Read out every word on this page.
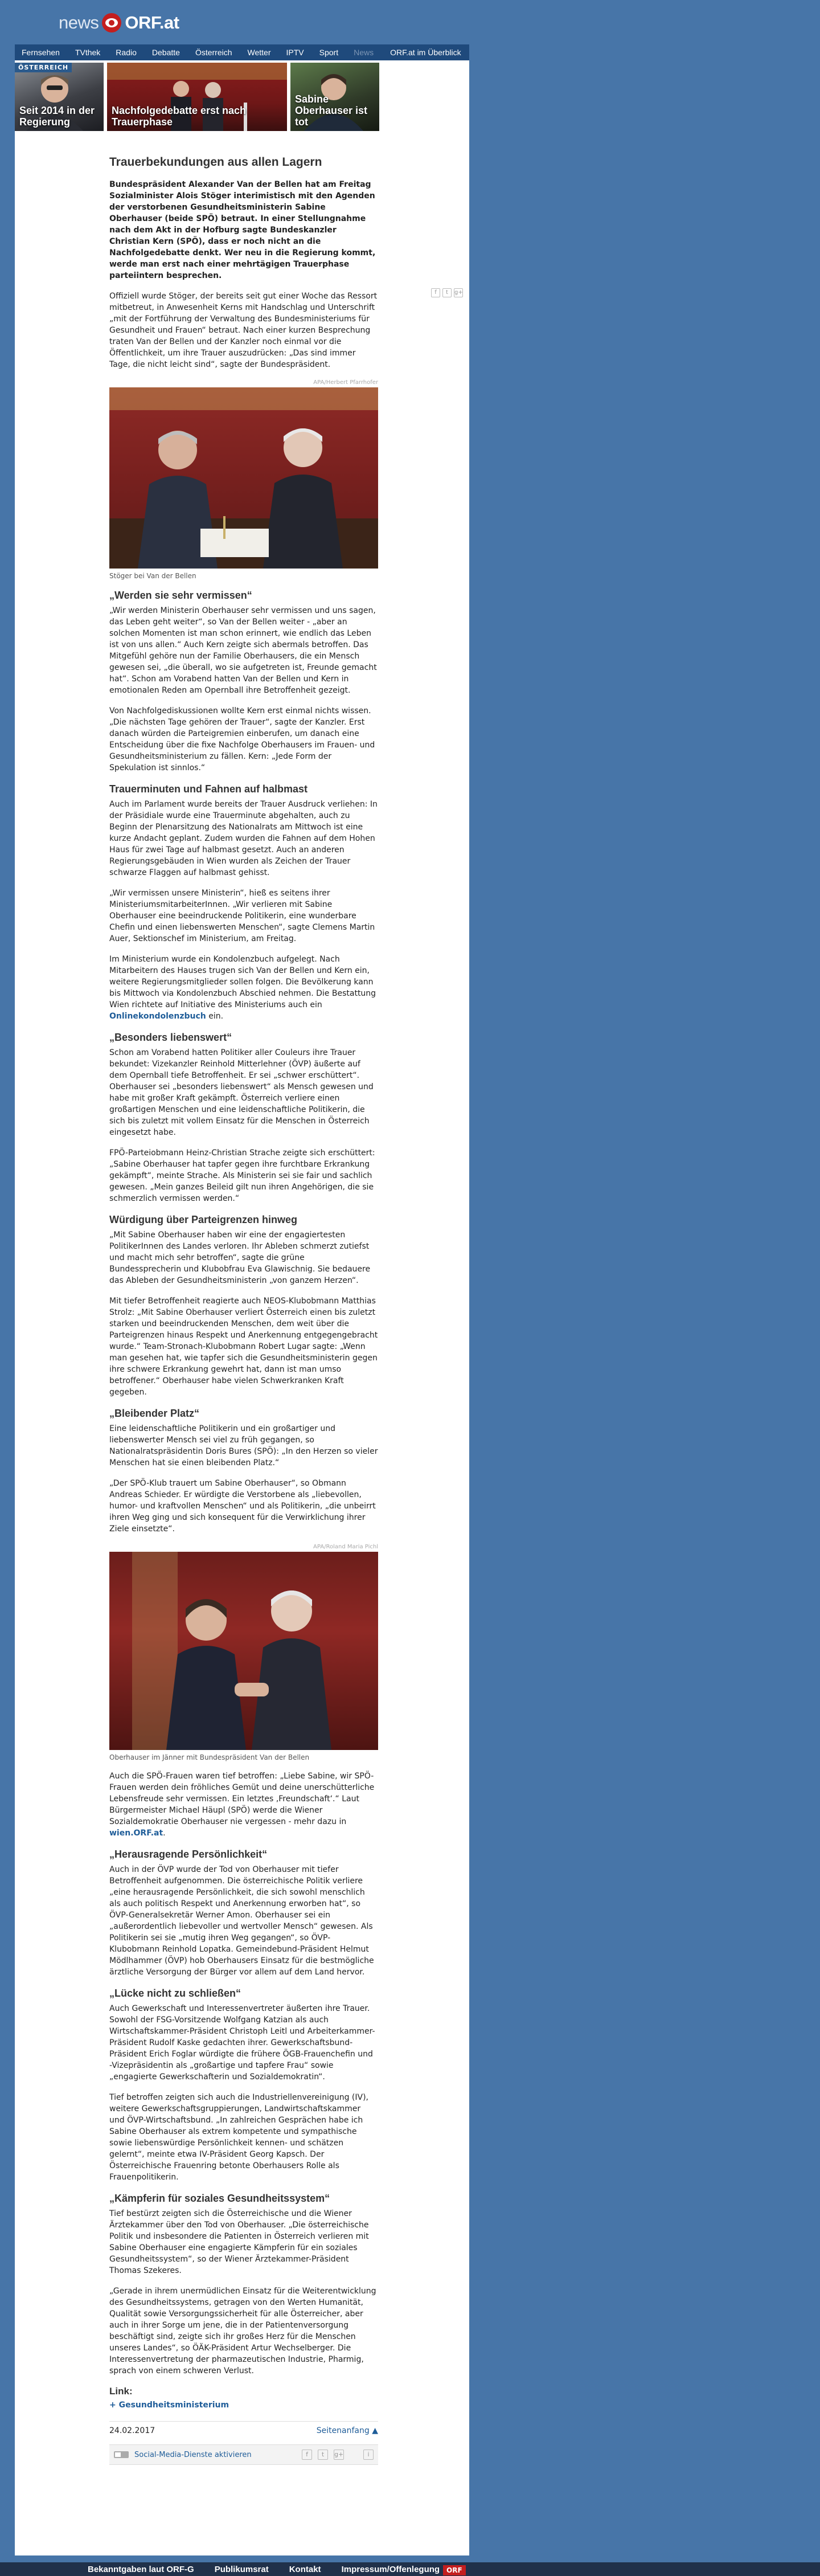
news ORF.at
Fernsehen TVthek Radio Debatte Österreich Wetter IPTV Sport News ORF.at im Überblick
ÖSTERREICH
Seit 2014 in der Regierung
Nachfolgedebatte erst nach Trauerphase
Sabine Oberhauser ist tot
f	t	g+
Trauerbekundungen aus allen Lagern

Bundespräsident Alexander Van der Bellen hat am Freitag Sozialminister Alois Stöger interimistisch mit den Agenden der verstorbenen Gesundheitsministerin Sabine Oberhauser (beide SPÖ) betraut. In einer Stellungnahme nach dem Akt in der Hofburg sagte Bundeskanzler Christian Kern (SPÖ), dass er noch nicht an die Nachfolgedebatte denkt. Wer neu in die Regierung kommt, werde man erst nach einer mehrtägigen Trauerphase parteiintern besprechen.

Offiziell wurde Stöger, der bereits seit gut einer Woche das Ressort mitbetreut, in Anwesenheit Kerns mit Handschlag und Unterschrift „mit der Fortführung der Verwaltung des Bundesministeriums für Gesundheit und Frauen“ betraut. Nach einer kurzen Besprechung traten Van der Bellen und der Kanzler noch einmal vor die Öffentlichkeit, um ihre Trauer auszudrücken: „Das sind immer Tage, die nicht leicht sind“, sagte der Bundespräsident.

APA/Herbert Pfarrhofer
Stöger bei Van der Bellen
„Werden sie sehr vermissen“

„Wir werden Ministerin Oberhauser sehr vermissen und uns sagen, das Leben geht weiter“, so Van der Bellen weiter - „aber an solchen Momenten ist man schon erinnert, wie endlich das Leben ist von uns allen.“ Auch Kern zeigte sich abermals betroffen. Das Mitgefühl gehöre nun der Familie Oberhausers, die ein Mensch gewesen sei, „die überall, wo sie aufgetreten ist, Freunde gemacht hat“. Schon am Vorabend hatten Van der Bellen und Kern in emotionalen Reden am Opernball ihre Betroffenheit gezeigt.

Von Nachfolgediskussionen wollte Kern erst einmal nichts wissen. „Die nächsten Tage gehören der Trauer“, sagte der Kanzler. Erst danach würden die Parteigremien einberufen, um danach eine Entscheidung über die fixe Nachfolge Oberhausers im Frauen- und Gesundheitsministerium zu fällen. Kern: „Jede Form der Spekulation ist sinnlos.“

Trauerminuten und Fahnen auf halbmast

Auch im Parlament wurde bereits der Trauer Ausdruck verliehen: In der Präsidiale wurde eine Trauerminute abgehalten, auch zu Beginn der Plenarsitzung des Nationalrats am Mittwoch ist eine kurze Andacht geplant. Zudem wurden die Fahnen auf dem Hohen Haus für zwei Tage auf halbmast gesetzt. Auch an anderen Regierungsgebäuden in Wien wurden als Zeichen der Trauer schwarze Flaggen auf halbmast gehisst.

„Wir vermissen unsere Ministerin“, hieß es seitens ihrer MinisteriumsmitarbeiterInnen. „Wir verlieren mit Sabine Oberhauser eine beeindruckende Politikerin, eine wunderbare Chefin und einen liebenswerten Menschen“, sagte Clemens Martin Auer, Sektionschef im Ministerium, am Freitag.

Im Ministerium wurde ein Kondolenzbuch aufgelegt. Nach Mitarbeitern des Hauses trugen sich Van der Bellen und Kern ein, weitere Regierungsmitglieder sollen folgen. Die Bevölkerung kann bis Mittwoch via Kondolenzbuch Abschied nehmen. Die Bestattung Wien richtete auf Initiative des Ministeriums auch ein Onlinekondolenzbuch ein.

„Besonders liebenswert“

Schon am Vorabend hatten Politiker aller Couleurs ihre Trauer bekundet: Vizekanzler Reinhold Mitterlehner (ÖVP) äußerte auf dem Opernball tiefe Betroffenheit. Er sei „schwer erschüttert“. Oberhauser sei „besonders liebenswert“ als Mensch gewesen und habe mit großer Kraft gekämpft. Österreich verliere einen großartigen Menschen und eine leidenschaftliche Politikerin, die sich bis zuletzt mit vollem Einsatz für die Menschen in Österreich eingesetzt habe.

FPÖ-Parteiobmann Heinz-Christian Strache zeigte sich erschüttert: „Sabine Oberhauser hat tapfer gegen ihre furchtbare Erkrankung gekämpft“, meinte Strache. Als Ministerin sei sie fair und sachlich gewesen. „Mein ganzes Beileid gilt nun ihren Angehörigen, die sie schmerzlich vermissen werden.“

Würdigung über Parteigrenzen hinweg

„Mit Sabine Oberhauser haben wir eine der engagiertesten PolitikerInnen des Landes verloren. Ihr Ableben schmerzt zutiefst und macht mich sehr betroffen“, sagte die grüne Bundessprecherin und Klubobfrau Eva Glawischnig. Sie bedauere das Ableben der Gesundheitsministerin „von ganzem Herzen“.

Mit tiefer Betroffenheit reagierte auch NEOS-Klubobmann Matthias Strolz: „Mit Sabine Oberhauser verliert Österreich einen bis zuletzt starken und beeindruckenden Menschen, dem weit über die Parteigrenzen hinaus Respekt und Anerkennung entgegengebracht wurde.“ Team-Stronach-Klubobmann Robert Lugar sagte: „Wenn man gesehen hat, wie tapfer sich die Gesundheitsministerin gegen ihre schwere Erkrankung gewehrt hat, dann ist man umso betroffener.“ Oberhauser habe vielen Schwerkranken Kraft gegeben.

„Bleibender Platz“

Eine leidenschaftliche Politikerin und ein großartiger und liebenswerter Mensch sei viel zu früh gegangen, so Nationalratspräsidentin Doris Bures (SPÖ): „In den Herzen so vieler Menschen hat sie einen bleibenden Platz.“

„Der SPÖ-Klub trauert um Sabine Oberhauser“, so Obmann Andreas Schieder. Er würdigte die Verstorbene als „liebevollen, humor- und kraftvollen Menschen“ und als Politikerin, „die unbeirrt ihren Weg ging und sich konsequent für die Verwirklichung ihrer Ziele einsetzte“.

APA/Roland Maria Pichl
Oberhauser im Jänner mit Bundespräsident Van der Bellen

Auch die SPÖ-Frauen waren tief betroffen: „Liebe Sabine, wir SPÖ-Frauen werden dein fröhliches Gemüt und deine unerschütterliche Lebensfreude sehr vermissen. Ein letztes ‚Freundschaft‘.“ Laut Bürgermeister Michael Häupl (SPÖ) werde die Wiener Sozialdemokratie Oberhauser nie vergessen - mehr dazu in wien.ORF.at.

„Herausragende Persönlichkeit“

Auch in der ÖVP wurde der Tod von Oberhauser mit tiefer Betroffenheit aufgenommen. Die österreichische Politik verliere „eine herausragende Persönlichkeit, die sich sowohl menschlich als auch politisch Respekt und Anerkennung erworben hat“, so ÖVP-Generalsekretär Werner Amon. Oberhauser sei ein „außerordentlich liebevoller und wertvoller Mensch“ gewesen. Als Politikerin sei sie „mutig ihren Weg gegangen“, so ÖVP-Klubobmann Reinhold Lopatka. Gemeindebund-Präsident Helmut Mödlhammer (ÖVP) hob Oberhausers Einsatz für die bestmögliche ärztliche Versorgung der Bürger vor allem auf dem Land hervor.

„Lücke nicht zu schließen“

Auch Gewerkschaft und Interessenvertreter äußerten ihre Trauer. Sowohl der FSG-Vorsitzende Wolfgang Katzian als auch Wirtschaftskammer-Präsident Christoph Leitl und Arbeiterkammer-Präsident Rudolf Kaske gedachten ihrer. Gewerkschaftsbund-Präsident Erich Foglar würdigte die frühere ÖGB-Frauenchefin und -Vizepräsidentin als „großartige und tapfere Frau“ sowie „engagierte Gewerkschafterin und Sozialdemokratin“.

Tief betroffen zeigten sich auch die Industriellenvereinigung (IV), weitere Gewerkschaftsgruppierungen, Landwirtschaftskammer und ÖVP-Wirtschaftsbund. „In zahlreichen Gesprächen habe ich Sabine Oberhauser als extrem kompetente und sympathische sowie liebenswürdige Persönlichkeit kennen- und schätzen gelernt“, meinte etwa IV-Präsident Georg Kapsch. Der Österreichische Frauenring betonte Oberhausers Rolle als Frauenpolitikerin.

„Kämpferin für soziales Gesundheitssystem“

Tief bestürzt zeigten sich die Österreichische und die Wiener Ärztekammer über den Tod von Oberhauser. „Die österreichische Politik und insbesondere die Patienten in Österreich verlieren mit Sabine Oberhauser eine engagierte Kämpferin für ein soziales Gesundheitssystem“, so der Wiener Ärztekammer-Präsident Thomas Szekeres.

„Gerade in ihrem unermüdlichen Einsatz für die Weiterentwicklung des Gesundheitssystems, getragen von den Werten Humanität, Qualität sowie Versorgungssicherheit für alle Österreicher, aber auch in ihrer Sorge um jene, die in der Patientenversorgung beschäftigt sind, zeigte sich ihr großes Herz für die Menschen unseres Landes“, so ÖÄK-Präsident Artur Wechselberger. Die Interessenvertretung der pharmazeutischen Industrie, Pharmig, sprach von einem schweren Verlust.

Link:
+ Gesundheitsministerium
24.02.2017	Seitenanfang ▲
Social-Media-Dienste aktivieren	f	t	g+	i
Bekanntgaben laut ORF-G Publikumsrat Kontakt Impressum/Offenlegung ORF
